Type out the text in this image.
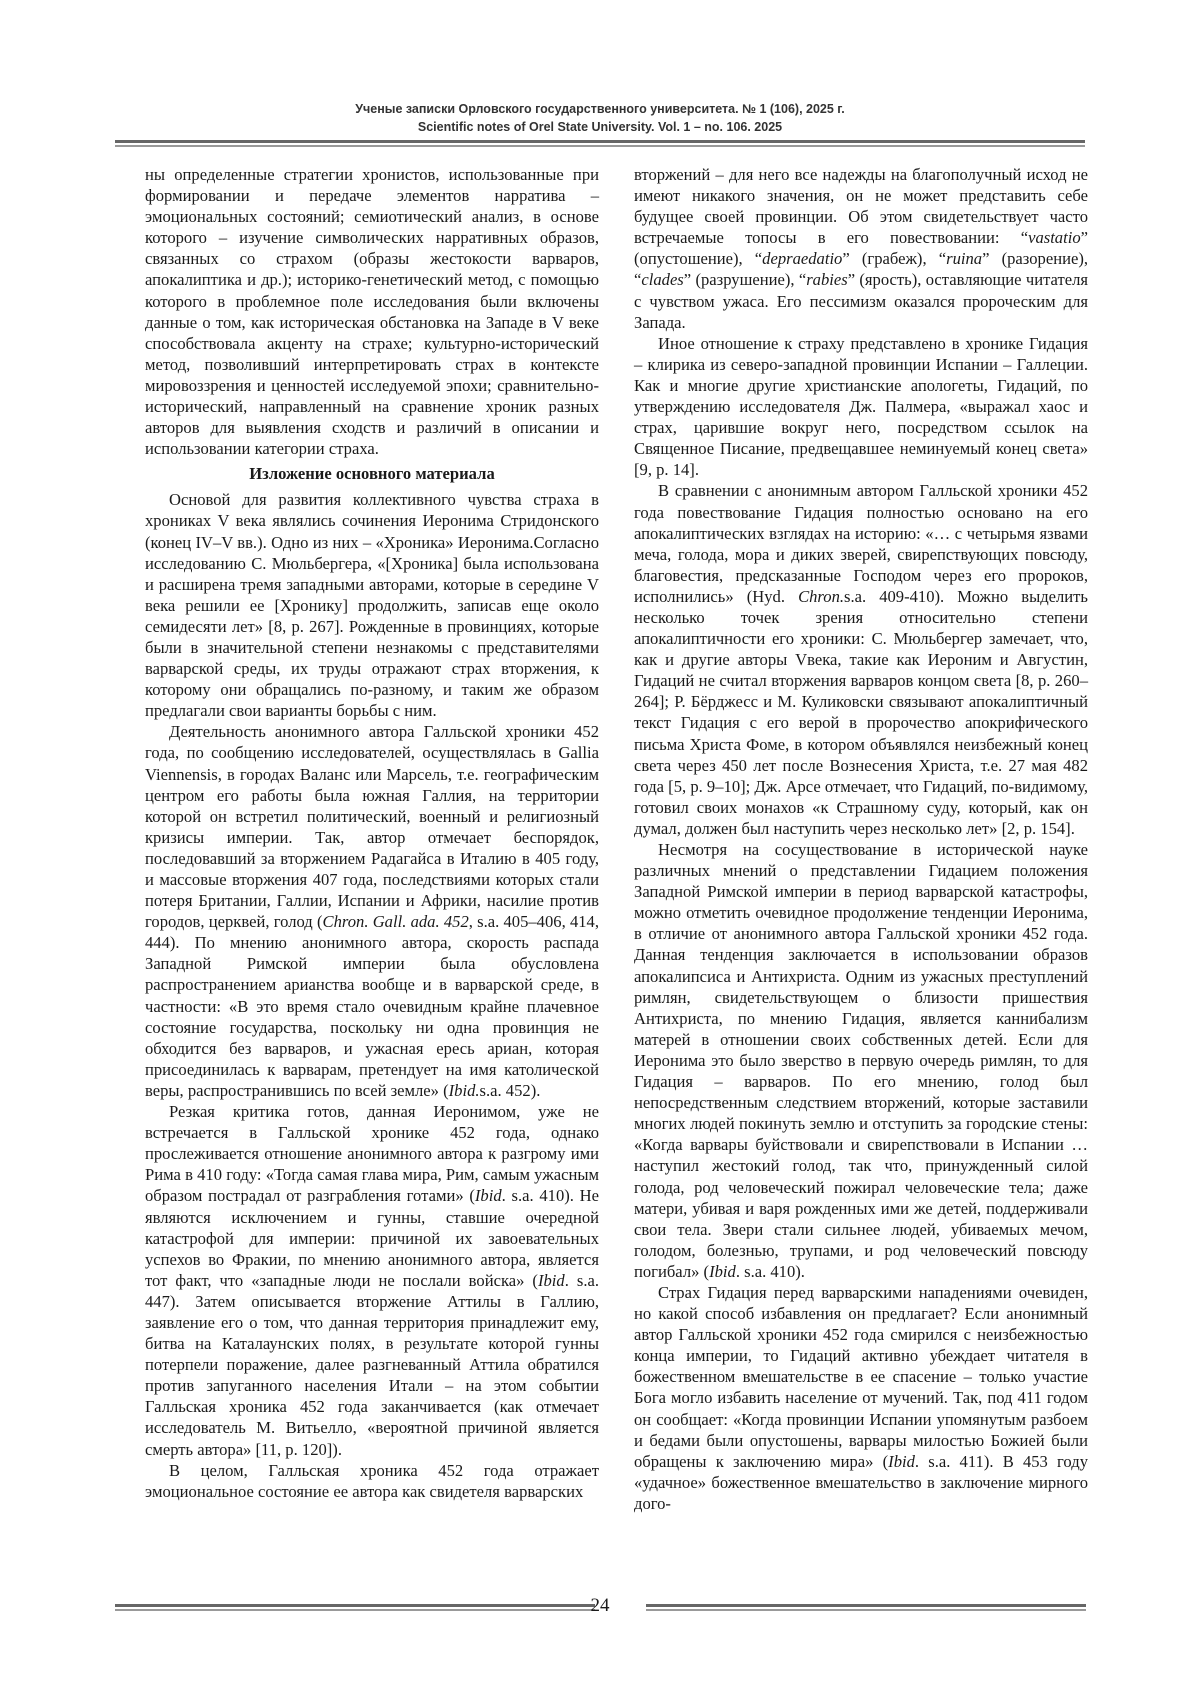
Ученые записки Орловского государственного университета. № 1 (106), 2025 г.
Scientific notes of Orel State University. Vol. 1 – no. 106. 2025

ны определенные стратегии хронистов, использованные при формировании и передаче элементов нарратива – эмоциональных состояний; семиотический анализ, в основе которого – изучение символических нарративных образов, связанных со страхом (образы жестокости варваров, апокалиптика и др.); историко-генетический метод, с помощью которого в проблемное поле исследования были включены данные о том, как историческая обстановка на Западе в V веке способствовала акценту на страхе; культурно-исторический метод, позволивший интерпретировать страх в контексте мировоззрения и ценностей исследуемой эпохи; сравнительно-исторический, направленный на сравнение хроник разных авторов для выявления сходств и различий в описании и использовании категории страха.

Изложение основного материала

Основой для развития коллективного чувства страха в хрониках V века являлись сочинения Иеронима Стридонского (конец IV–V вв.). Одно из них – «Хроника» Иеронима.Согласно исследованию С. Мюльбергера, «[Хроника] была использована и расширена тремя западными авторами, которые в середине V века решили ее [Хронику] продолжить, записав еще около семидесяти лет» [8, p. 267]. Рожденные в провинциях, которые были в значительной степени незнакомы с представителями варварской среды, их труды отражают страх вторжения, к которому они обращались по-разному, и таким же образом предлагали свои варианты борьбы с ним.

Деятельность анонимного автора Галльской хроники 452 года, по сообщению исследователей, осуществлялась в Gallia Viennensis, в городах Валанс или Марсель, т.е. географическим центром его работы была южная Галлия, на территории которой он встретил политический, военный и религиозный кризисы империи. Так, автор отмечает беспорядок, последовавший за вторжением Радагайса в Италию в 405 году, и массовые вторжения 407 года, последствиями которых стали потеря Британии, Галлии, Испании и Африки, насилие против городов, церквей, голод (Chron. Gall. ada. 452, s.a. 405–406, 414, 444). По мнению анонимного автора, скорость распада Западной Римской империи была обусловлена распространением арианства вообще и в варварской среде, в частности: «В это время стало очевидным крайне плачевное состояние государства, поскольку ни одна провинция не обходится без варваров, и ужасная ересь ариан, которая присоединилась к варварам, претендует на имя католической веры, распространившись по всей земле» (Ibid.s.a. 452).

Резкая критика готов, данная Иеронимом, уже не встречается в Галльской хронике 452 года, однако прослеживается отношение анонимного автора к разгрому ими Рима в 410 году: «Тогда самая глава мира, Рим, самым ужасным образом пострадал от разграбления готами» (Ibid. s.a. 410). Не являются исключением и гунны, ставшие очередной катастрофой для империи: причиной их завоевательных успехов во Фракии, по мнению анонимного автора, является тот факт, что «западные люди не послали войска» (Ibid. s.a. 447). Затем описывается вторжение Аттилы в Галлию, заявление его о том, что данная территория принадлежит ему, битва на Каталаунских полях, в результате которой гунны потерпели поражение, далее разгневанный Аттила обратился против запуганного населения Итали – на этом событии Галльская хроника 452 года заканчивается (как отмечает исследователь М. Витьелло, «вероятной причиной является смерть автора» [11, p. 120]).

В целом, Галльская хроника 452 года отражает эмоциональное состояние ее автора как свидетеля варварских

вторжений – для него все надежды на благополучный исход не имеют никакого значения, он не может представить себе будущее своей провинции. Об этом свидетельствует часто встречаемые топосы в его повествовании: “vastatio” (опустошение), “depraedatio” (грабеж), “ruina” (разорение), “clades” (разрушение), “rabies” (ярость), оставляющие читателя с чувством ужаса. Его пессимизм оказался пророческим для Запада.

Иное отношение к страху представлено в хронике Гидация – клирика из северо-западной провинции Испании – Галлеции. Как и многие другие христианские апологеты, Гидаций, по утверждению исследователя Дж. Палмера, «выражал хаос и страх, царившие вокруг него, посредством ссылок на Священное Писание, предвещавшее неминуемый конец света» [9, p. 14].

В сравнении с анонимным автором Галльской хроники 452 года повествование Гидация полностью основано на его апокалиптических взглядах на историю: «… с четырьмя язвами меча, голода, мора и диких зверей, свирепствующих повсюду, благовестия, предсказанные Господом через его пророков, исполнились» (Hyd. Chron.s.a. 409-410). Можно выделить несколько точек зрения относительно степени апокалиптичности его хроники: С. Мюльбергер замечает, что, как и другие авторы Vвека, такие как Иероним и Августин, Гидаций не считал вторжения варваров концом света [8, p. 260–264]; Р. Бёрджесс и М. Куликовски связывают апокалиптичный текст Гидация с его верой в пророчество апокрифического письма Христа Фоме, в котором объявлялся неизбежный конец света через 450 лет после Вознесения Христа, т.е. 27 мая 482 года [5, p. 9–10]; Дж. Арсе отмечает, что Гидаций, по-видимому, готовил своих монахов «к Страшному суду, который, как он думал, должен был наступить через несколько лет» [2, p. 154].

Несмотря на сосуществование в исторической науке различных мнений о представлении Гидацием положения Западной Римской империи в период варварской катастрофы, можно отметить очевидное продолжение тенденции Иеронима, в отличие от анонимного автора Галльской хроники 452 года. Данная тенденция заключается в использовании образов апокалипсиса и Антихриста. Одним из ужасных преступлений римлян, свидетельствующем о близости пришествия Антихриста, по мнению Гидация, является каннибализм матерей в отношении своих собственных детей. Если для Иеронима это было зверство в первую очередь римлян, то для Гидация – варваров. По его мнению, голод был непосредственным следствием вторжений, которые заставили многих людей покинуть землю и отступить за городские стены: «Когда варвары буйствовали и свирепствовали в Испании …наступил жестокий голод, так что, принужденный силой голода, род человеческий пожирал человеческие тела; даже матери, убивая и варя рожденных ими же детей, поддерживали свои тела. Звери стали сильнее людей, убиваемых мечом, голодом, болезнью, трупами, и род человеческий повсюду погибал» (Ibid. s.a. 410).

Страх Гидация перед варварскими нападениями очевиден, но какой способ избавления он предлагает? Если анонимный автор Галльской хроники 452 года смирился с неизбежностью конца империи, то Гидаций активно убеждает читателя в божественном вмешательстве в ее спасение – только участие Бога могло избавить население от мучений. Так, под 411 годом он сообщает: «Когда провинции Испании упомянутым разбоем и бедами были опустошены, варвары милостью Божией были обращены к заключению мира» (Ibid. s.a. 411). В 453 году «удачное» божественное вмешательство в заключение мирного дого-

24
